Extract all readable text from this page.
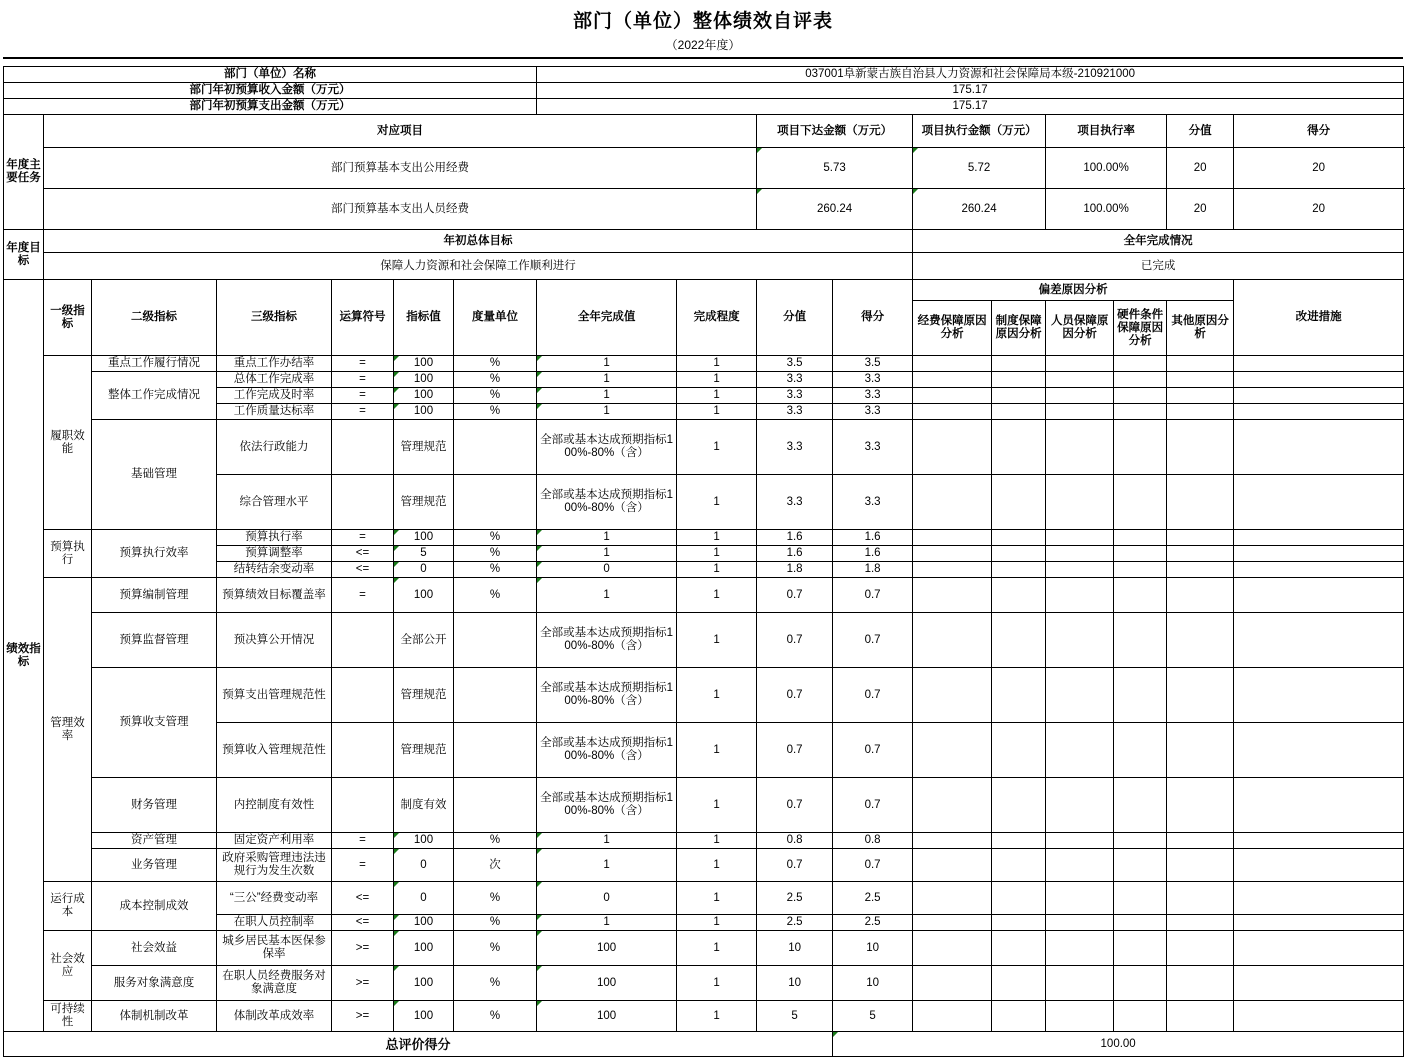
部门（单位）整体绩效自评表
（2022年度）
部门（单位）名称							037001阜新蒙古族自治县人力资源和社会保障局本级-210921000									
部门年初预算收入金额（万元）							175.17									
部门年初预算支出金额（万元）							175.17									
年度主要任务	对应项目								项目下达金额（万元）		项目执行金额（万元）		项目执行率		分值	得分
	部门预算基本支出公用经费								5.73		5.72		100.00%		20	20
	部门预算基本支出人员经费								260.24		260.24		100.00%		20	20
年度目标	年初总体目标										全年完成情况					
	保障人力资源和社会保障工作顺利进行										已完成					
绩效指标	一级指标	二级指标	三级指标	运算符号	指标值	度量单位	全年完成值	完成程度	分值	得分	偏差原因分析					改进措施
											经费保障原因分析	制度保障原因分析	人员保障原因分析	硬件条件保障原因分析	其他原因分析	
	履职效能	重点工作履行情况	重点工作办结率	=	100	%	1	1	3.5	3.5						
		整体工作完成情况	总体工作完成率	=	100	%	1	1	3.3	3.3						
			工作完成及时率	=	100	%	1	1	3.3	3.3						
			工作质量达标率	=	100	%	1	1	3.3	3.3						
		基础管理	依法行政能力		管理规范		全部或基本达成预期指标100%-80%（含）	1	3.3	3.3						
			综合管理水平		管理规范		全部或基本达成预期指标100%-80%（含）	1	3.3	3.3						
	预算执行	预算执行效率	预算执行率	=	100	%	1	1	1.6	1.6						
			预算调整率	<=	5	%	1	1	1.6	1.6						
			结转结余变动率	<=	0	%	0	1	1.8	1.8						
	管理效率	预算编制管理	预算绩效目标覆盖率	=	100	%	1	1	0.7	0.7						
		预算监督管理	预决算公开情况		全部公开		全部或基本达成预期指标100%-80%（含）	1	0.7	0.7						
		预算收支管理	预算支出管理规范性		管理规范		全部或基本达成预期指标100%-80%（含）	1	0.7	0.7						
			预算收入管理规范性		管理规范		全部或基本达成预期指标100%-80%（含）	1	0.7	0.7						
		财务管理	内控制度有效性		制度有效		全部或基本达成预期指标100%-80%（含）	1	0.7	0.7						
		资产管理	固定资产利用率	=	100	%	1	1	0.8	0.8						
		业务管理	政府采购管理违法违规行为发生次数	=	0	次	1	1	0.7	0.7						
	运行成本	成本控制成效	“三公”经费变动率	<=	0	%	0	1	2.5	2.5						
			在职人员控制率	<=	100	%	1	1	2.5	2.5						
	社会效应	社会效益	城乡居民基本医保参保率	>=	100	%	100	1	10	10						
		服务对象满意度	在职人员经费服务对象满意度	>=	100	%	100	1	10	10						
	可持续性	体制机制改革	体制改革成效率	>=	100	%	100	1	5	5						
总评价得分										100.00						
